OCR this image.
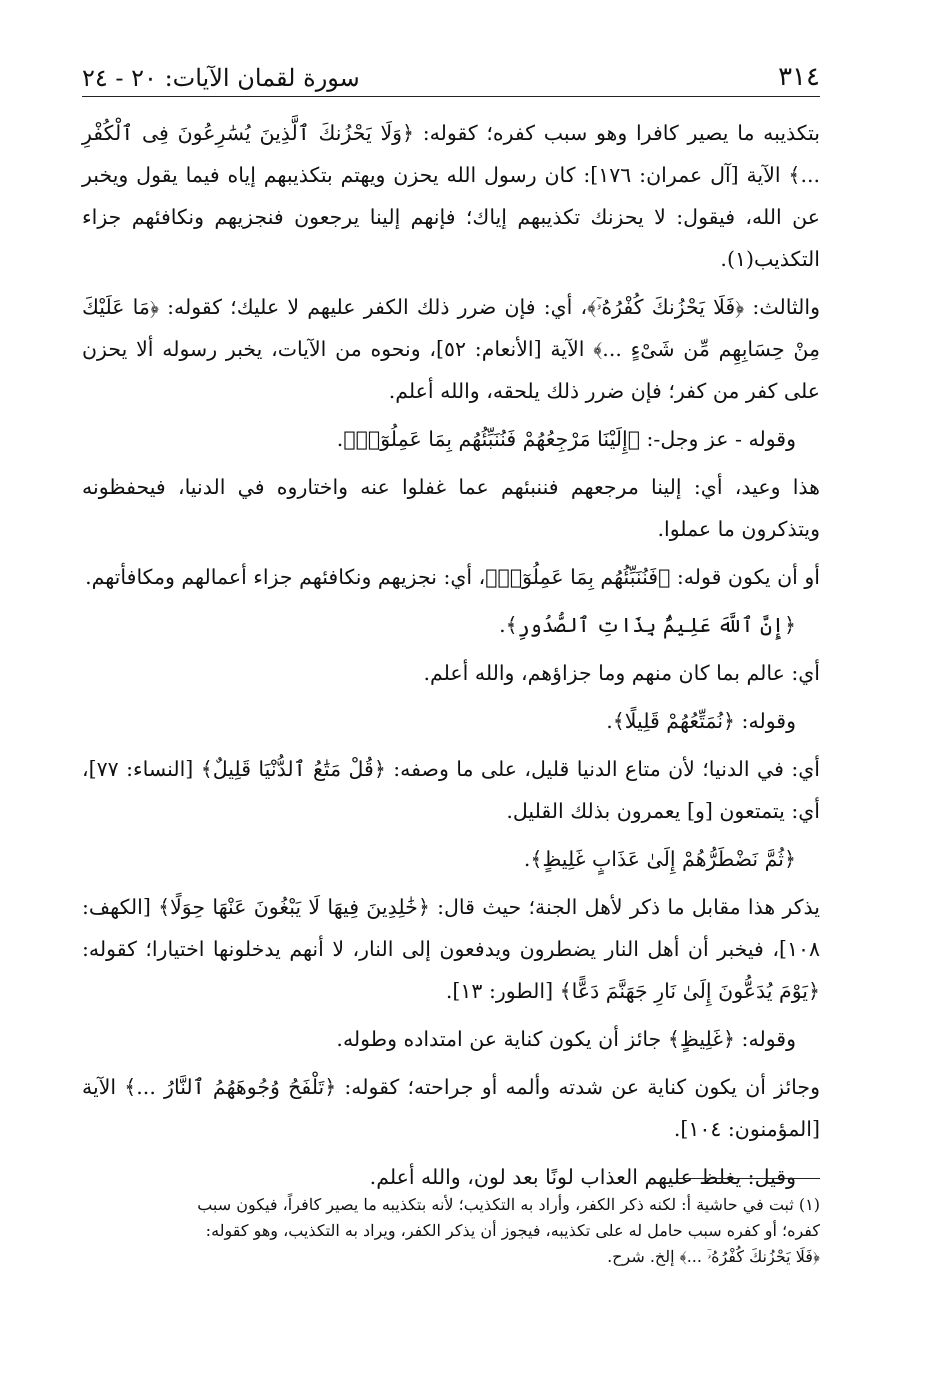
سورة لقمان الآيات: ٢٠ - ٢٤	٣١٤

بتكذيبه ما يصير كافرا وهو سبب كفره؛ كقوله: ﴿وَلَا يَحْزُنكَ ٱلَّذِينَ يُسَٰرِعُونَ فِى ٱلْكُفْرِ ...﴾ الآية [آل عمران: ١٧٦]: كان رسول الله يحزن ويهتم بتكذيبهم إياه فيما يقول ويخبر عن الله، فيقول: لا يحزنك تكذيبهم إياك؛ فإنهم إلينا يرجعون فنجزيهم ونكافئهم جزاء التكذيب(١).

والثالث: ﴿فَلَا يَحْزُنكَ كُفْرُهُۥٓ﴾، أي: فإن ضرر ذلك الكفر عليهم لا عليك؛ كقوله: ﴿مَا عَلَيْكَ مِنْ حِسَابِهِم مِّن شَىْءٍ ...﴾ الآية [الأنعام: ٥٢]، ونحوه من الآيات، يخبر رسوله ألا يحزن على كفر من كفر؛ فإن ضرر ذلك يلحقه، والله أعلم.

وقوله - عز وجل-: ﴿إِلَيْنَا مَرْجِعُهُمْ فَنُنَبِّئُهُم بِمَا عَمِلُوٓا۟﴾.

هذا وعيد، أي: إلينا مرجعهم فننبئهم عما غفلوا عنه واختاروه في الدنيا، فيحفظونه ويتذكرون ما عملوا.

أو أن يكون قوله: ﴿فَنُنَبِّئُهُم بِمَا عَمِلُوٓا۟﴾، أي: نجزيهم ونكافئهم جزاء أعمالهم ومكافأتهم.

﴿إِنَّ ٱللَّهَ عَلِيمٌۢ بِذَاتِ ٱلصُّدُورِ﴾.

أي: عالم بما كان منهم وما جزاؤهم، والله أعلم.

وقوله: ﴿نُمَتِّعُهُمْ قَلِيلًا﴾.

أي: في الدنيا؛ لأن متاع الدنيا قليل، على ما وصفه: ﴿قُلْ مَتَٰعُ ٱلدُّنْيَا قَلِيلٌ﴾ [النساء: ٧٧]، أي: يتمتعون [و] يعمرون بذلك القليل.

﴿ثُمَّ نَضْطَرُّهُمْ إِلَىٰ عَذَابٍ غَلِيظٍ﴾.

يذكر هذا مقابل ما ذكر لأهل الجنة؛ حيث قال: ﴿خَٰلِدِينَ فِيهَا لَا يَبْغُونَ عَنْهَا حِوَلًا﴾ [الكهف: ١٠٨]، فيخبر أن أهل النار يضطرون ويدفعون إلى النار، لا أنهم يدخلونها اختيارا؛ كقوله: ﴿يَوْمَ يُدَعُّونَ إِلَىٰ نَارِ جَهَنَّمَ دَعًّا﴾ [الطور: ١٣].

وقوله: ﴿غَلِيظٍ﴾ جائز أن يكون كناية عن امتداده وطوله.

وجائز أن يكون كناية عن شدته وألمه أو جراحته؛ كقوله: ﴿تَلْفَحُ وُجُوهَهُمُ ٱلنَّارُ ...﴾ الآية [المؤمنون: ١٠٤].

وقيل: يغلظ عليهم العذاب لونًا بعد لون، والله أعلم.

(١) ثبت في حاشية أ: لكنه ذكر الكفر، وأراد به التكذيب؛ لأنه بتكذيبه ما يصير كافراً، فيكون سبب

كفره؛ أو كفره سبب حامل له على تكذيبه، فيجوز أن يذكر الكفر، ويراد به التكذيب، وهو كقوله:

﴿فَلَا يَحْزُنكَ كُفْرُهُۥٓ ...﴾ إلخ. شرح.
